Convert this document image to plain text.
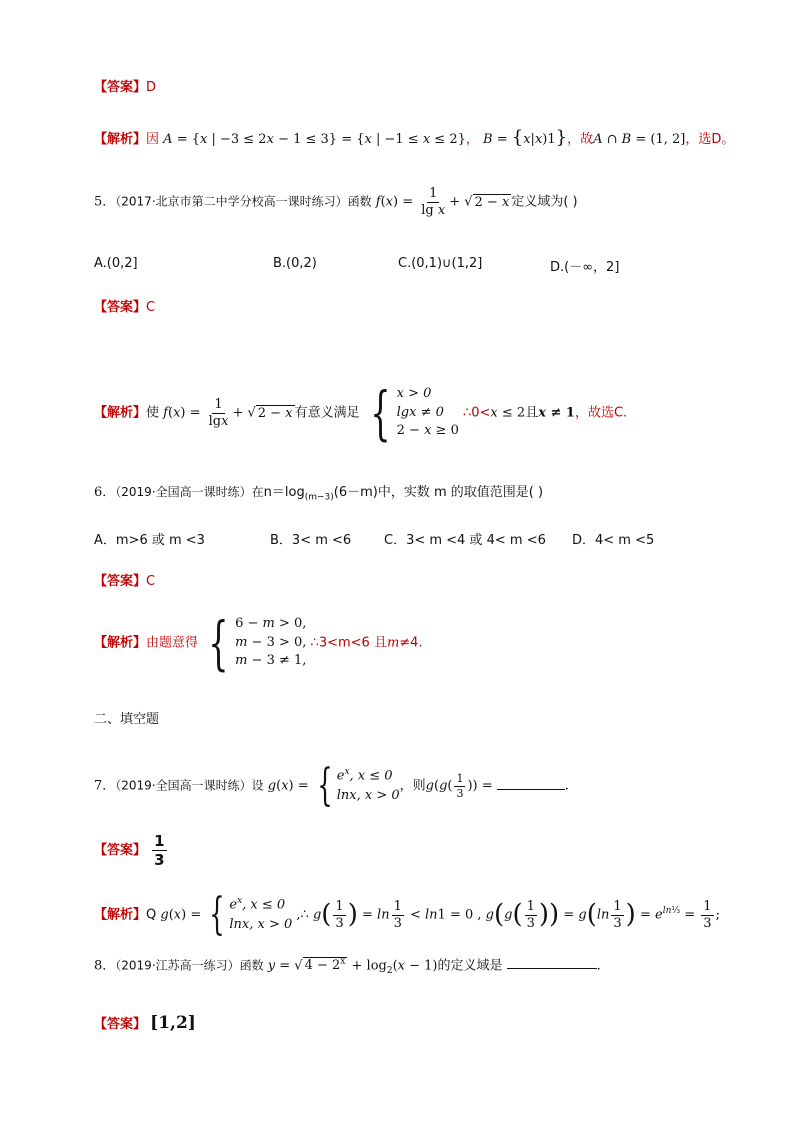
【答案】D
【解析】因 A = {x | −3 ≤ 2x − 1 ≤ 3} = {x | −1 ≤ x ≤ 2}， B = {x|x)1}，故A ∩ B = (1, 2]，选D。
5．（2017·北京市第二中学分校高一课时练习）函数 $f(x) = \frac{1}{\text{lg x}}$ + √ 2 − x 定义域为( )
A.(0,2]	B.(0,2)	C.(0,1)∪(1,2]	D.(－∞，2]
【答案】C
【解析】使 $f(x) = \frac{1}{\lg x}$ + √ 2 − x 有意义满足 { x > 0
lgx ≠ 0
2 − x ≥ 0
∴0<x ≤ 2且x ≠ 1，故选C.
6．（2019·全国高一课时练）在$n=\log_{(m-3)}(6-m)$中，实数 m 的取值范围是( )
A．m>6 或 m <3	B．3< m <6	C．3< m <4 或 4< m <6 D．4< m <5
【答案】C
【解析】由题意得 { 6 − m > 0,
m − 3 > 0,
m − 3 ≠ 1,
∴3<m<6 且m≠4.
二、填空题
7．（2019·全国高一课时练）设 g(x) = { $e^x$, x ≤ 0
lnx, x > 0
，则$g(g( \frac{1}{3}$ )) =	.
【答案】 $\frac{1}{3}$
【解析】Q g(x) = { $e^x$, x ≤ 0
lnx, x > 0
,∴ $g( \frac{1}{3}$ ) = $\ln \frac{1}{3} < \ln 1 = 0$ , $g(g( \frac{1}{3}$ )) = $g(\ln \frac{1}{3}$ ) = $e^{ln\frac{1}{3}} = \frac{1}{3}$ ;
8．（2019·江苏高一练习）函数 y = √ $4 - 2^x + \log_2(x - 1)$的定义域是	.
【答案】 [1,2]
